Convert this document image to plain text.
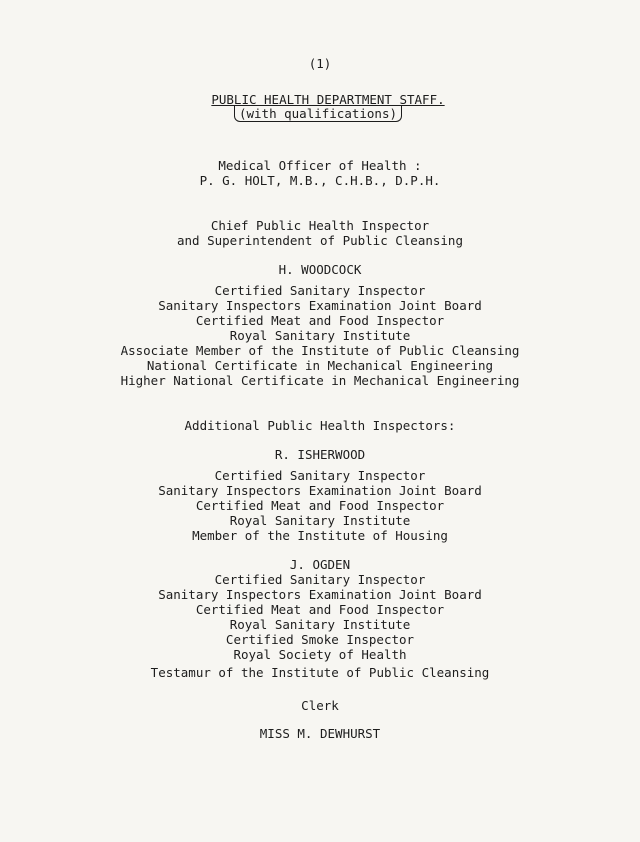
(1)
PUBLIC HEALTH DEPARTMENT STAFF.
(with qualifications)
Medical Officer of Health :
P. G. HOLT, M.B., C.H.B., D.P.H.
Chief Public Health Inspector
and Superintendent of Public Cleansing
H. WOODCOCK
Certified Sanitary Inspector
Sanitary Inspectors Examination Joint Board
Certified Meat and Food Inspector
Royal Sanitary Institute
Associate Member of the Institute of Public Cleansing
National Certificate in Mechanical Engineering
Higher National Certificate in Mechanical Engineering
Additional Public Health Inspectors:
R. ISHERWOOD
Certified Sanitary Inspector
Sanitary Inspectors Examination Joint Board
Certified Meat and Food Inspector
Royal Sanitary Institute
Member of the Institute of Housing
J. OGDEN
Certified Sanitary Inspector
Sanitary Inspectors Examination Joint Board
Certified Meat and Food Inspector
Royal Sanitary Institute
Certified Smoke Inspector
Royal Society of Health
Testamur of the Institute of Public Cleansing
Clerk
MISS M. DEWHURST
